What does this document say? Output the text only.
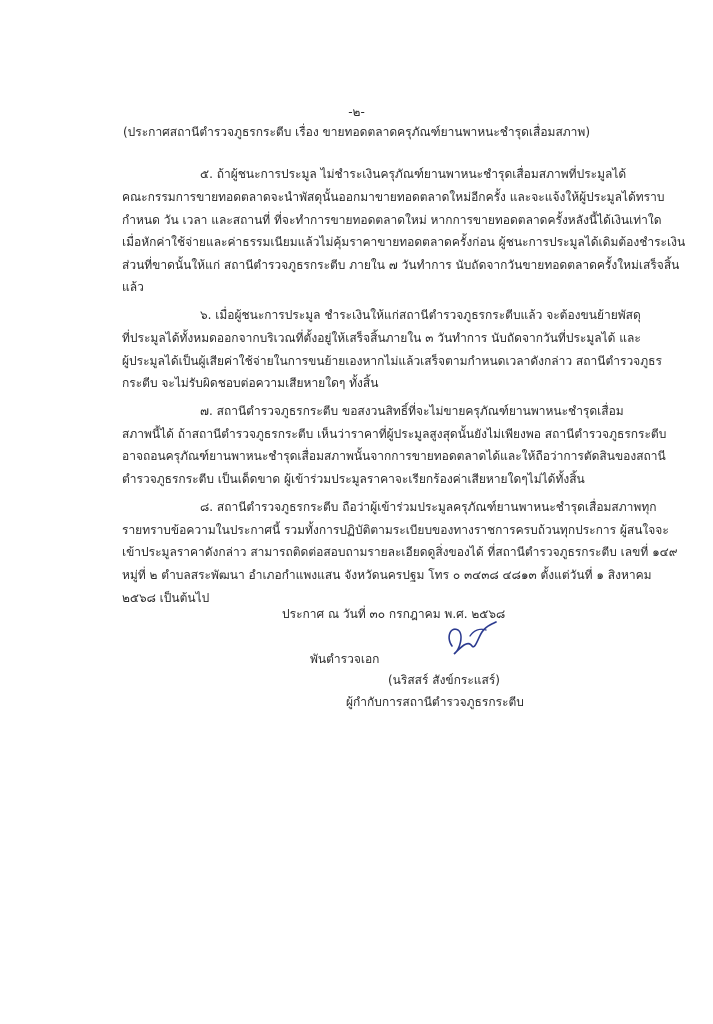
-๒-
(ประกาศสถานีตำรวจภูธรกระตีบ เรื่อง ขายทอดตลาดครุภัณฑ์ยานพาหนะชำรุดเสื่อมสภาพ)
๕. ถ้าผู้ชนะการประมูล ไม่ชำระเงินครุภัณฑ์ยานพาหนะชำรุดเสื่อมสภาพที่ประมูลได้
คณะกรรมการขายทอดตลาดจะนำพัสดุนั้นออกมาขายทอดตลาดใหม่อีกครั้ง และจะแจ้งให้ผู้ประมูลได้ทราบ
กำหนด วัน เวลา และสถานที่ ที่จะทำการขายทอดตลาดใหม่ หากการขายทอดตลาดครั้งหลังนี้ได้เงินเท่าใด
เมื่อหักค่าใช้จ่ายและค่าธรรมเนียมแล้วไม่คุ้มราคาขายทอดตลาดครั้งก่อน ผู้ชนะการประมูลได้เดิมต้องชำระเงิน
ส่วนที่ขาดนั้นให้แก่ สถานีตำรวจภูธรกระตีบ ภายใน ๗ วันทำการ นับถัดจากวันขายทอดตลาดครั้งใหม่เสร็จสิ้น
แล้ว
๖. เมื่อผู้ชนะการประมูล ชำระเงินให้แก่สถานีตำรวจภูธรกระตีบแล้ว จะต้องขนย้ายพัสดุ
ที่ประมูลได้ทั้งหมดออกจากบริเวณที่ตั้งอยู่ให้เสร็จสิ้นภายใน ๓ วันทำการ นับถัดจากวันที่ประมูลได้ และ
ผู้ประมูลได้เป็นผู้เสียค่าใช้จ่ายในการขนย้ายเองหากไม่แล้วเสร็จตามกำหนดเวลาดังกล่าว สถานีตำรวจภูธร
กระตีบ จะไม่รับผิดชอบต่อความเสียหายใดๆ ทั้งสิ้น
๗. สถานีตำรวจภูธรกระตีบ ขอสงวนสิทธิ์ที่จะไม่ขายครุภัณฑ์ยานพาหนะชำรุดเสื่อม
สภาพนี้ได้ ถ้าสถานีตำรวจภูธรกระตีบ เห็นว่าราคาที่ผู้ประมูลสูงสุดนั้นยังไม่เพียงพอ สถานีตำรวจภูธรกระตีบ
อาจถอนครุภัณฑ์ยานพาหนะชำรุดเสื่อมสภาพนั้นจากการขายทอดตลาดได้และให้ถือว่าการตัดสินของสถานี
ตำรวจภูธรกระตีบ เป็นเด็ดขาด ผู้เข้าร่วมประมูลราคาจะเรียกร้องค่าเสียหายใดๆไม่ได้ทั้งสิ้น
๘. สถานีตำรวจภูธรกระตีบ ถือว่าผู้เข้าร่วมประมูลครุภัณฑ์ยานพาหนะชำรุดเสื่อมสภาพทุก
รายทราบข้อความในประกาศนี้ รวมทั้งการปฏิบัติตามระเบียบของทางราชการครบถ้วนทุกประการ ผู้สนใจจะ
เข้าประมูลราคาดังกล่าว สามารถติดต่อสอบถามรายละเอียดดูสิ่งของได้ ที่สถานีตำรวจภูธรกระตีบ เลขที่ ๑๔๙
หมู่ที่ ๒ ตำบลสระพัฒนา อำเภอกำแพงแสน จังหวัดนครปฐม โทร ๐ ๓๔๓๘ ๔๘๑๓ ตั้งแต่วันที่ ๑ สิงหาคม
๒๕๖๘ เป็นต้นไป
ประกาศ ณ วันที่ ๓๐ กรกฎาคม พ.ศ. ๒๕๖๘
พันตำรวจเอก
(นริสสร์ สังข์กระแสร์)
ผู้กำกับการสถานีตำรวจภูธรกระตีบ
